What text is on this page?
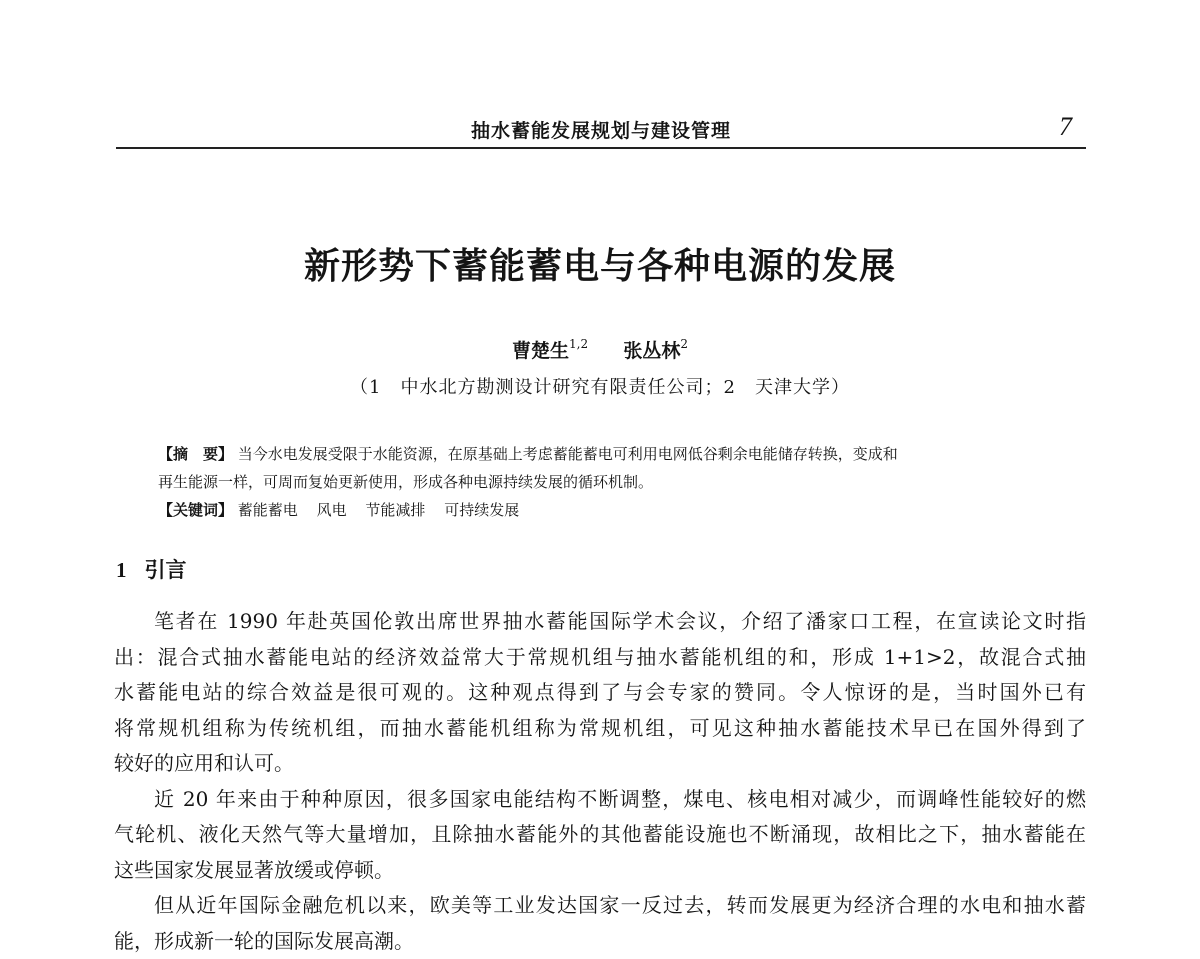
抽水蓄能发展规划与建设管理	7
新形势下蓄能蓄电与各种电源的发展
曹楚生$^{1,2}$ 张丛林$^2$
（1　中水北方勘测设计研究有限责任公司；2　天津大学）
【摘　要】 当今水电发展受限于水能资源，在原基础上考虑蓄能蓄电可利用电网低谷剩余电能储存转换，变成和
再生能源一样，可周而复始更新使用，形成各种电源持续发展的循环机制。
【关键词】 蓄能蓄电 风电 节能减排 可持续发展
1 引言
笔者在 1990 年赴英国伦敦出席世界抽水蓄能国际学术会议，介绍了潘家口工程，在宣读论文时指
出：混合式抽水蓄能电站的经济效益常大于常规机组与抽水蓄能机组的和，形成 1+1>2，故混合式抽
水蓄能电站的综合效益是很可观的。这种观点得到了与会专家的赞同。令人惊讶的是，当时国外已有
将常规机组称为传统机组，而抽水蓄能机组称为常规机组，可见这种抽水蓄能技术早已在国外得到了
较好的应用和认可。
近 20 年来由于种种原因，很多国家电能结构不断调整，煤电、核电相对减少，而调峰性能较好的燃
气轮机、液化天然气等大量增加，且除抽水蓄能外的其他蓄能设施也不断涌现，故相比之下，抽水蓄能在
这些国家发展显著放缓或停顿。
但从近年国际金融危机以来，欧美等工业发达国家一反过去，转而发展更为经济合理的水电和抽水蓄
能，形成新一轮的国际发展高潮。
